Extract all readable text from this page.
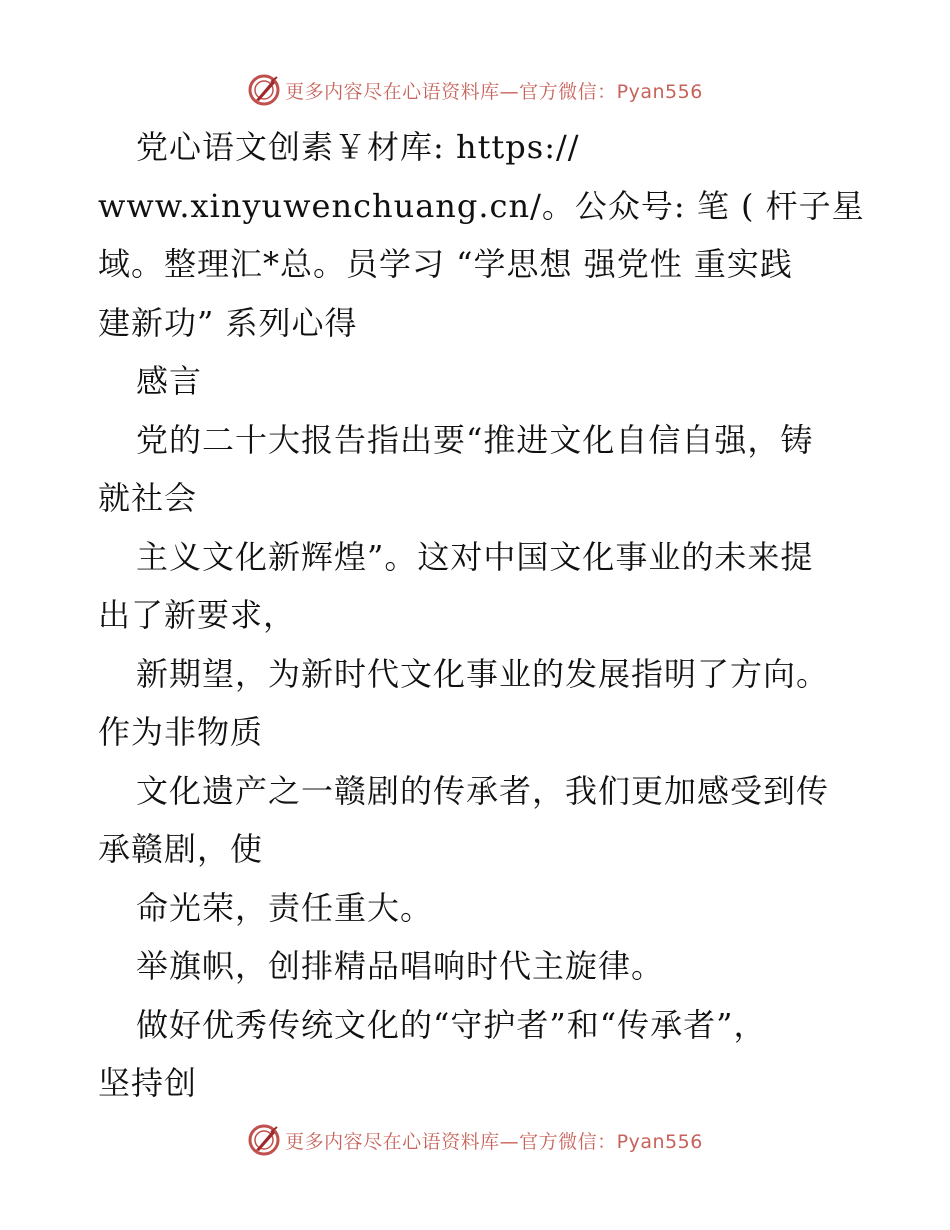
更多内容尽在心语资料库—官方微信：Pyan556
党心语文创素￥材库: https://
www.xinyuwenchuang.cn/。公众号: 笔 ( 杆子星
域。整理汇*总。员学习 “学思想 强党性 重实践
建新功” 系列心得
感言
党的二十大报告指出要“推进文化自信自强，铸
就社会
主义文化新辉煌”。这对中国文化事业的未来提
出了新要求，
新期望，为新时代文化事业的发展指明了方向。
作为非物质
文化遗产之一赣剧的传承者，我们更加感受到传
承赣剧，使
命光荣，责任重大。
举旗帜，创排精品唱响时代主旋律。
做好优秀传统文化的“守护者”和“传承者”，
坚持创
更多内容尽在心语资料库—官方微信：Pyan556
